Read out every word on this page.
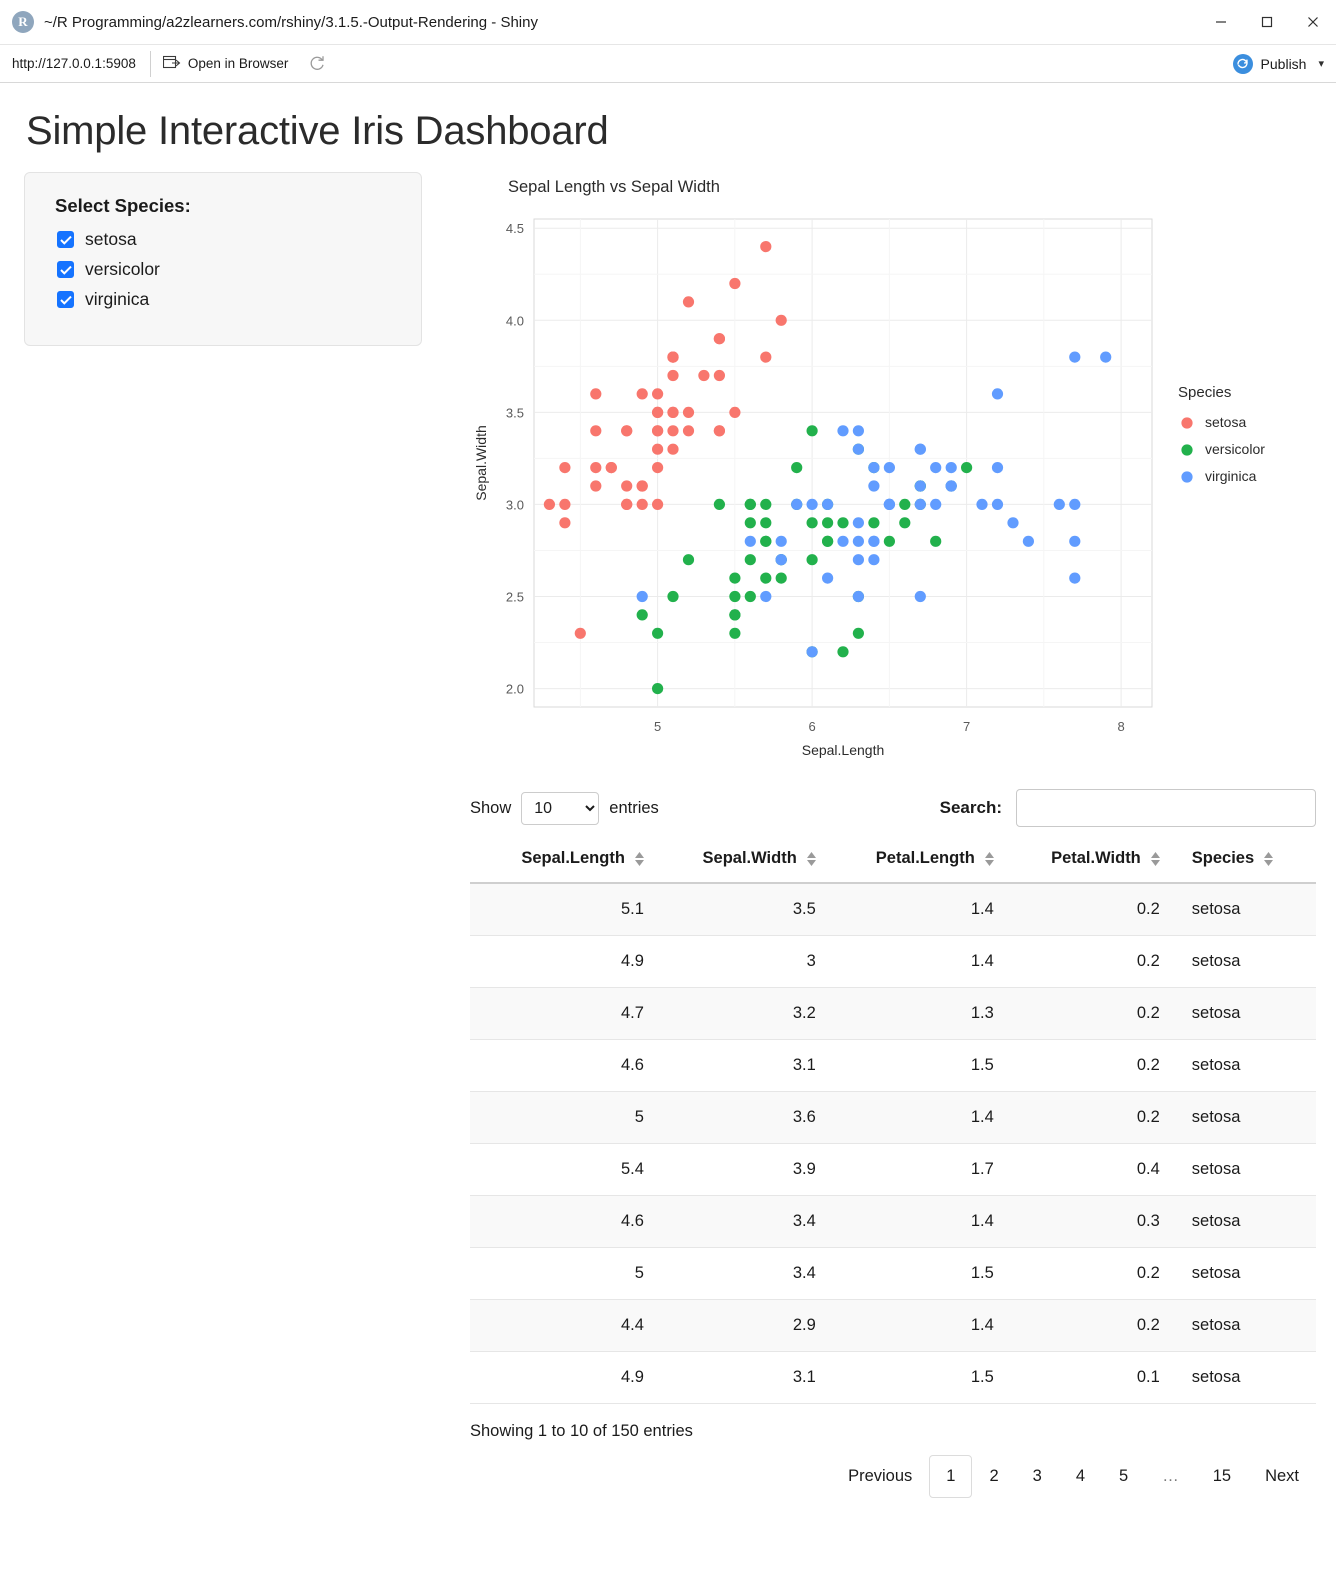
R	~/R Programming/a2zlearners.com/rshiny/3.1.5.-Output-Rendering - Shiny
http://127.0.0.1:5908	Open in Browser	Publish	▾
Simple Interactive Iris Dashboard
Select Species:
setosa
versicolor
virginica
Sepal Length vs Sepal Width
2.0
2.5
3.0
3.5
4.0
4.5
5	6	7	8
Sepal.Length
Sepal.Width
Species
setosa
versicolor
virginica
Show
10	entries	Search:
Sepal.Length	Sepal.Width	Petal.Length	Petal.Width	Species

5.1	3.5	1.4	0.2	setosa
4.9	3	1.4	0.2	setosa
4.7	3.2	1.3	0.2	setosa
4.6	3.1	1.5	0.2	setosa
5	3.6	1.4	0.2	setosa
5.4	3.9	1.7	0.4	setosa
4.6	3.4	1.4	0.3	setosa
5	3.4	1.5	0.2	setosa
4.4	2.9	1.4	0.2	setosa
4.9	3.1	1.5	0.1	setosa
Showing 1 to 10 of 150 entries
Previous	1	2	3	4	5	…	15	Next
